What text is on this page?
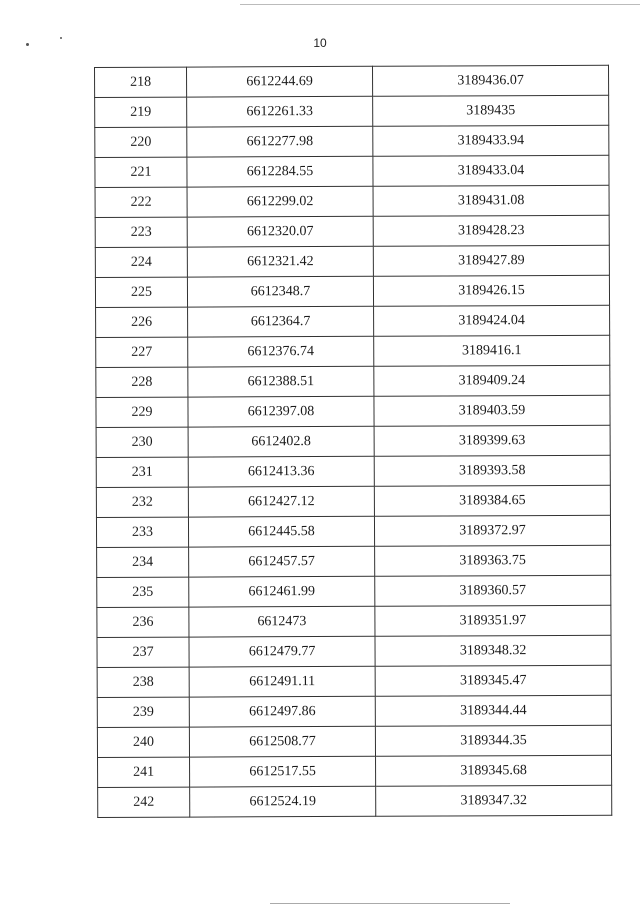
10
218	6612244.69	3189436.07
219	6612261.33	3189435
220	6612277.98	3189433.94
221	6612284.55	3189433.04
222	6612299.02	3189431.08
223	6612320.07	3189428.23
224	6612321.42	3189427.89
225	6612348.7	3189426.15
226	6612364.7	3189424.04
227	6612376.74	3189416.1
228	6612388.51	3189409.24
229	6612397.08	3189403.59
230	6612402.8	3189399.63
231	6612413.36	3189393.58
232	6612427.12	3189384.65
233	6612445.58	3189372.97
234	6612457.57	3189363.75
235	6612461.99	3189360.57
236	6612473	3189351.97
237	6612479.77	3189348.32
238	6612491.11	3189345.47
239	6612497.86	3189344.44
240	6612508.77	3189344.35
241	6612517.55	3189345.68
242	6612524.19	3189347.32
